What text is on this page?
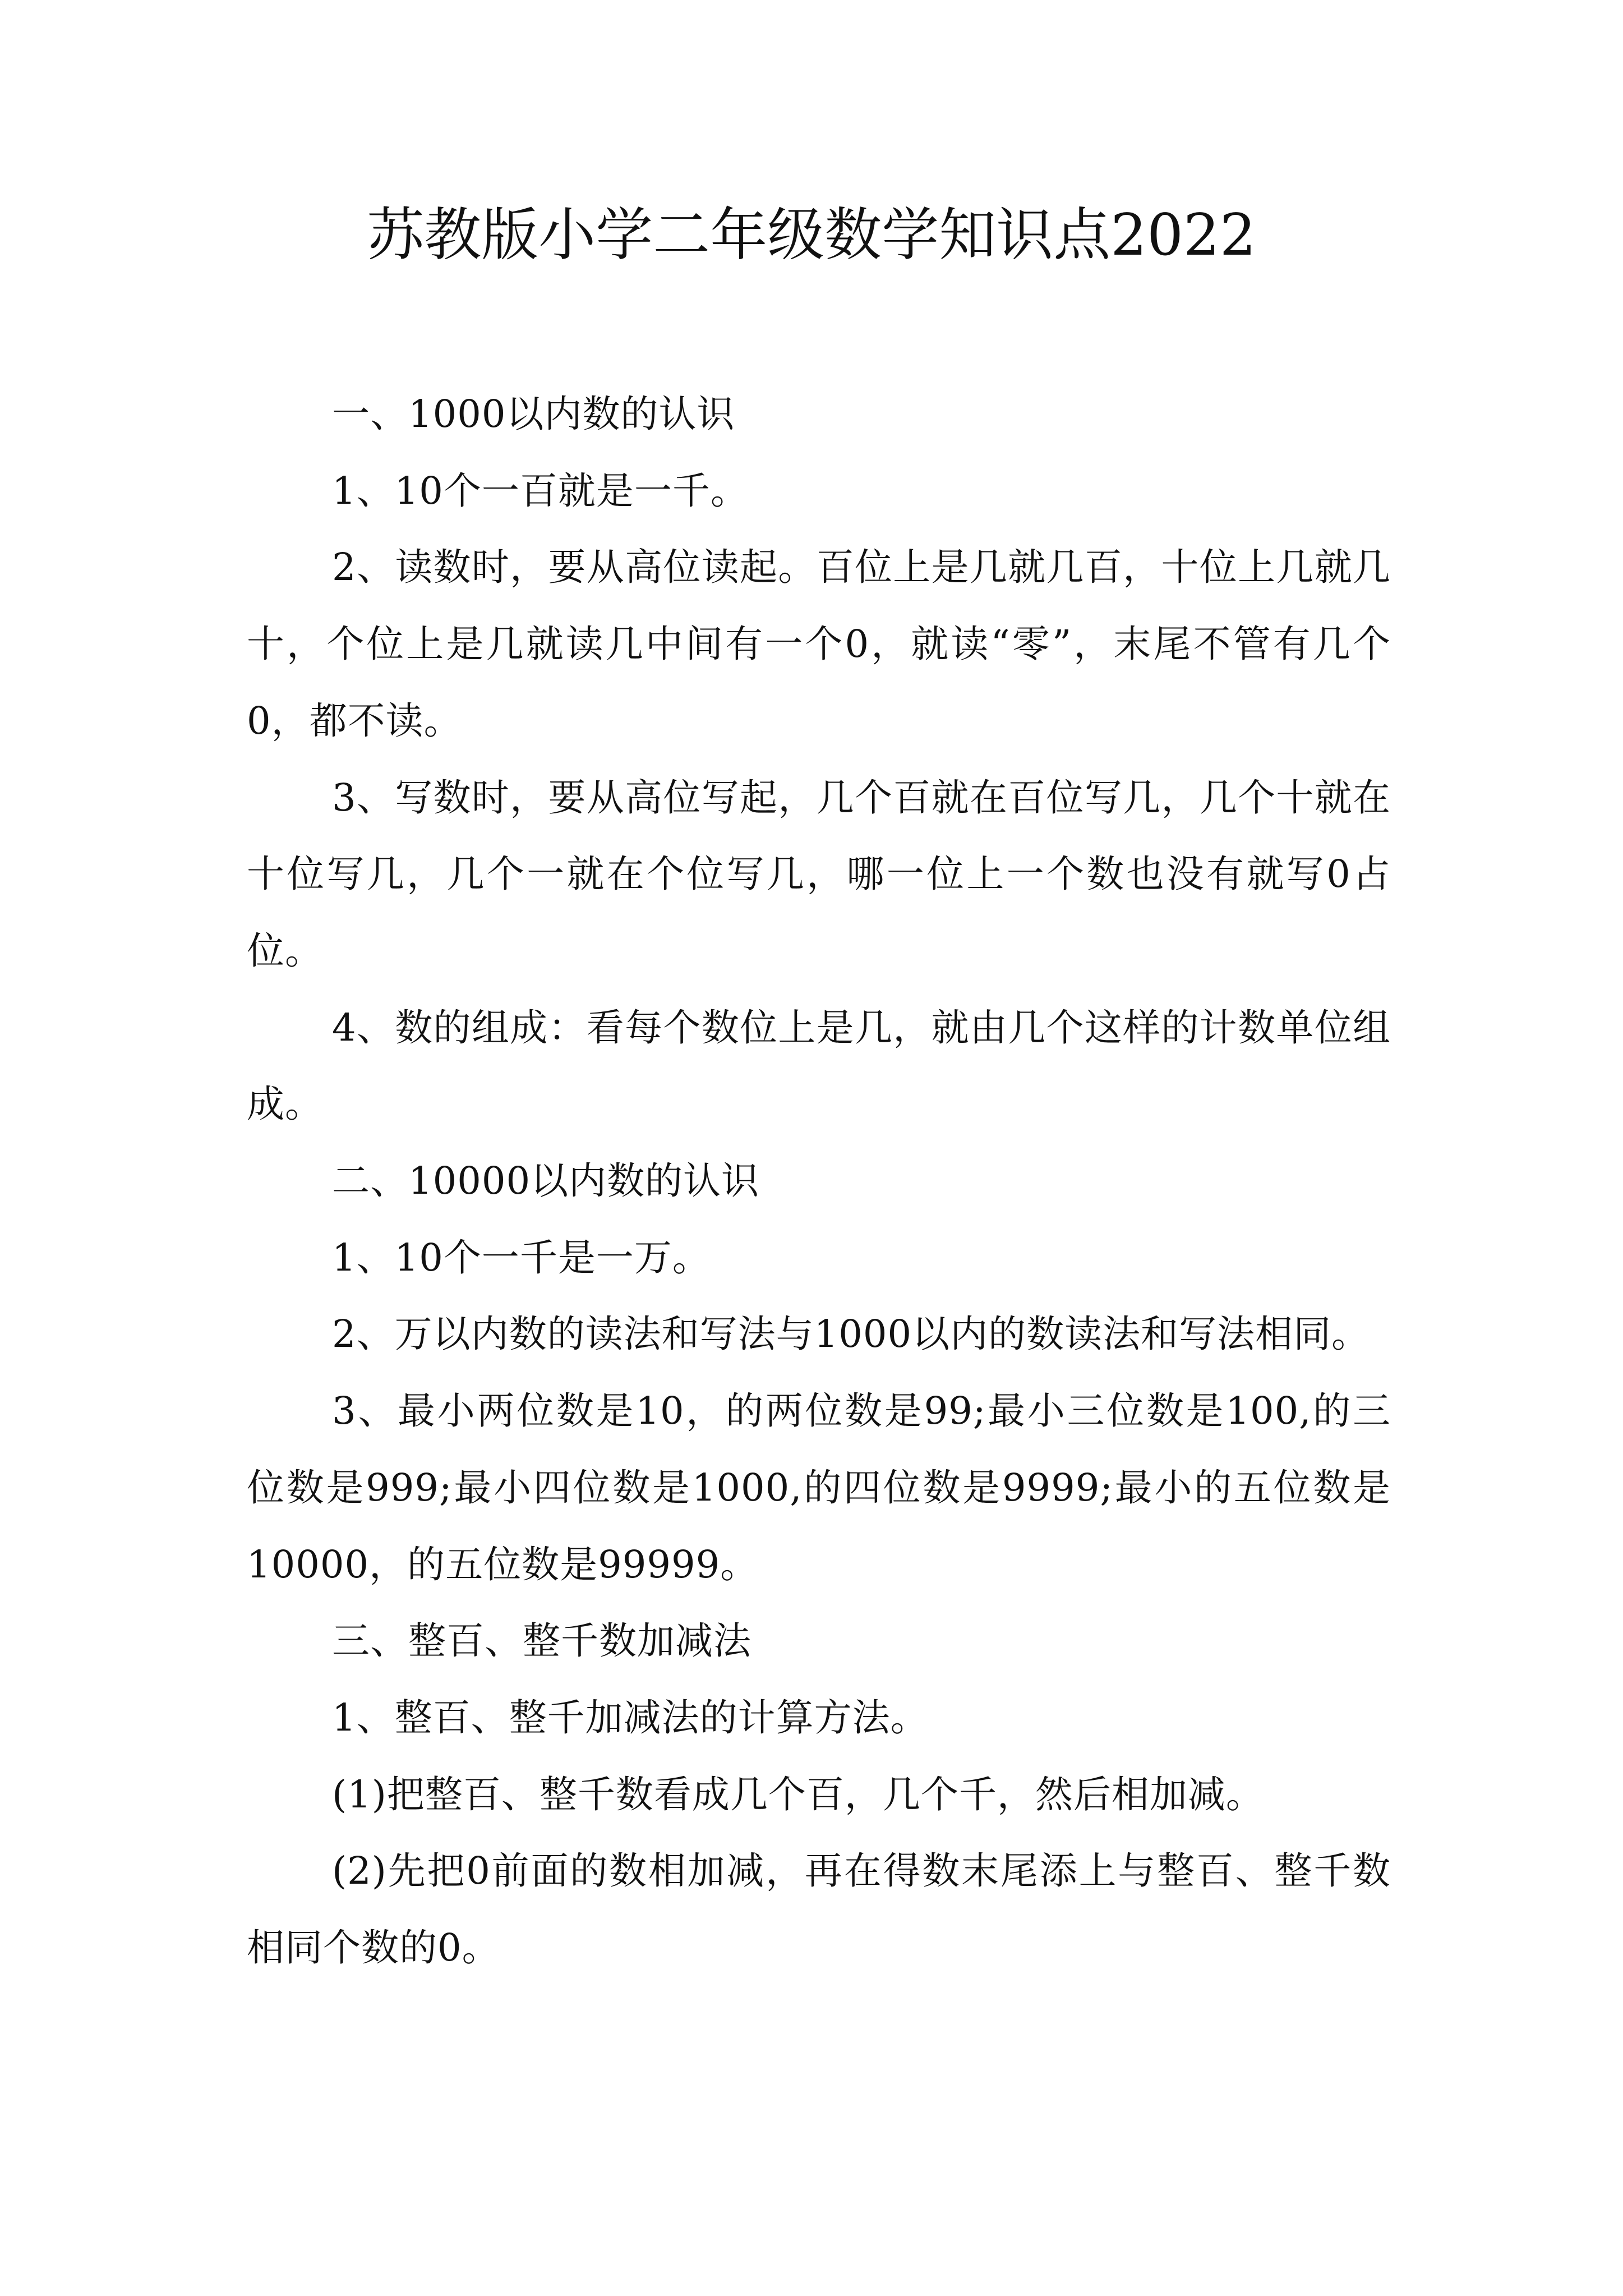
苏教版小学二年级数学知识点2022

一、1000以内数的认识

1、10个一百就是一千。

2、读数时，要从高位读起。百位上是几就几百，十位上几就几十，个位上是几就读几中间有一个0，就读“零”，末尾不管有几个0，都不读。

3、写数时，要从高位写起，几个百就在百位写几，几个十就在十位写几，几个一就在个位写几，哪一位上一个数也没有就写0占位。

4、数的组成：看每个数位上是几，就由几个这样的计数单位组成。

二、10000以内数的认识

1、10个一千是一万。

2、万以内数的读法和写法与1000以内的数读法和写法相同。

3、最小两位数是10，的两位数是99;最小三位数是100,的三位数是999;最小四位数是1000,的四位数是9999;最小的五位数是10000，的五位数是99999。

三、整百、整千数加减法

1、整百、整千加减法的计算方法。

(1)把整百、整千数看成几个百，几个千，然后相加减。

(2)先把0前面的数相加减，再在得数末尾添上与整百、整千数相同个数的0。
